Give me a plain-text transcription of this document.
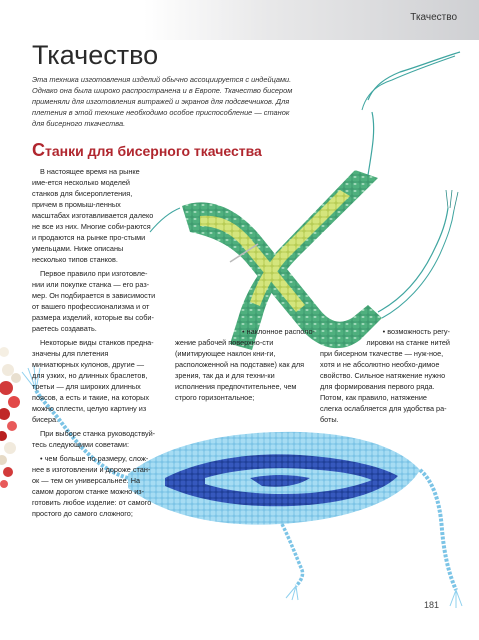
Ткачество
Ткачество
Эта техника изготовления изделий обычно ассоциируется с индейцами. Однако она была широко распространена и в Европе. Ткачество бисером применяли для изготовления витражей и экранов для подсвечников. Для плетения в этой технике необходимо особое приспособление — станок для бисерного ткачества.
Станки для бисерного ткачества

В настоящее время на рынке име-ется несколько моделей станков для бисероплетения, причем в промыш-ленных масштабах изготавливается далеко не все из них. Многие соби-раются и продаются на рынке про-стыми умельцами. Ниже описаны несколько типов станков.

Первое правило при изготовле-нии или покупке станка — его раз-мер. Он подбирается в зависимости от вашего профессионализма и от размера изделий, которые вы соби-раетесь создавать.

Некоторые виды станков предна-значены для плетения миниатюрных кулонов, другие — для узких, но длинных браслетов, третьи — для широких длинных поясов, а есть и такие, на которых можно сплести, целую картину из бисера.

При выборе станка руководствуй-тесь следующими советами:

• чем больше по размеру, слож-нее в изготовлении и дороже стан-ок — тем он универсальнее. На самом дорогом станке можно из-готовить любое изделие: от самого простого до самого сложного;

• наклонное располо-
жение рабочей поверхно-сти (имитирующее наклон кни-ги, расположенной на подставке) как для зрения, так да и для техни-ки исполнения предпочтительнее, чем строго горизонтальное;
• возможность регу-
лировки на станке нитей
при бисерном ткачестве — нуж-ное, хотя и не абсолютно необхо-димое свойство. Сильное натяжение нужно для формирования первого ряда. Потом, как правило, натяжение слегка ослабляется для удобства ра-боты.
181
